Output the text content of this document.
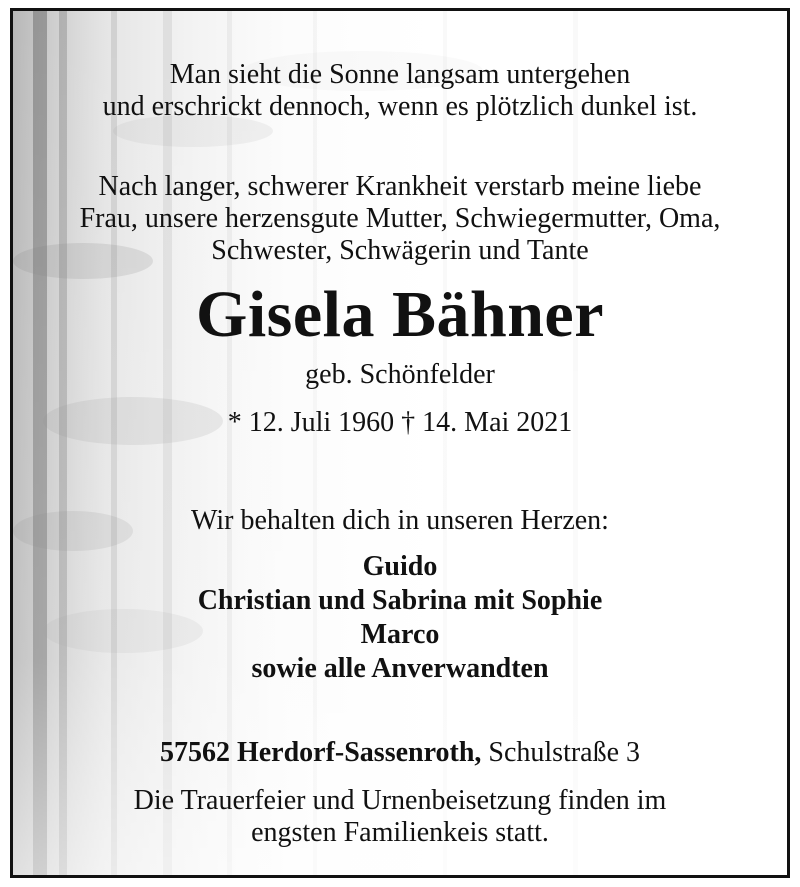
Man sieht die Sonne langsam untergehen
und erschrickt dennoch, wenn es plötzlich dunkel ist.
Nach langer, schwerer Krankheit verstarb meine liebe
Frau, unsere herzensgute Mutter, Schwiegermutter, Oma,
Schwester, Schwägerin und Tante
Gisela Bähner
geb. Schönfelder
* 12. Juli 1960 † 14. Mai 2021
Wir behalten dich in unseren Herzen:
Guido
Christian und Sabrina mit Sophie
Marco
sowie alle Anverwandten
57562 Herdorf-Sassenroth, Schulstraße 3
Die Trauerfeier und Urnenbeisetzung finden im
engsten Familienkeis statt.
